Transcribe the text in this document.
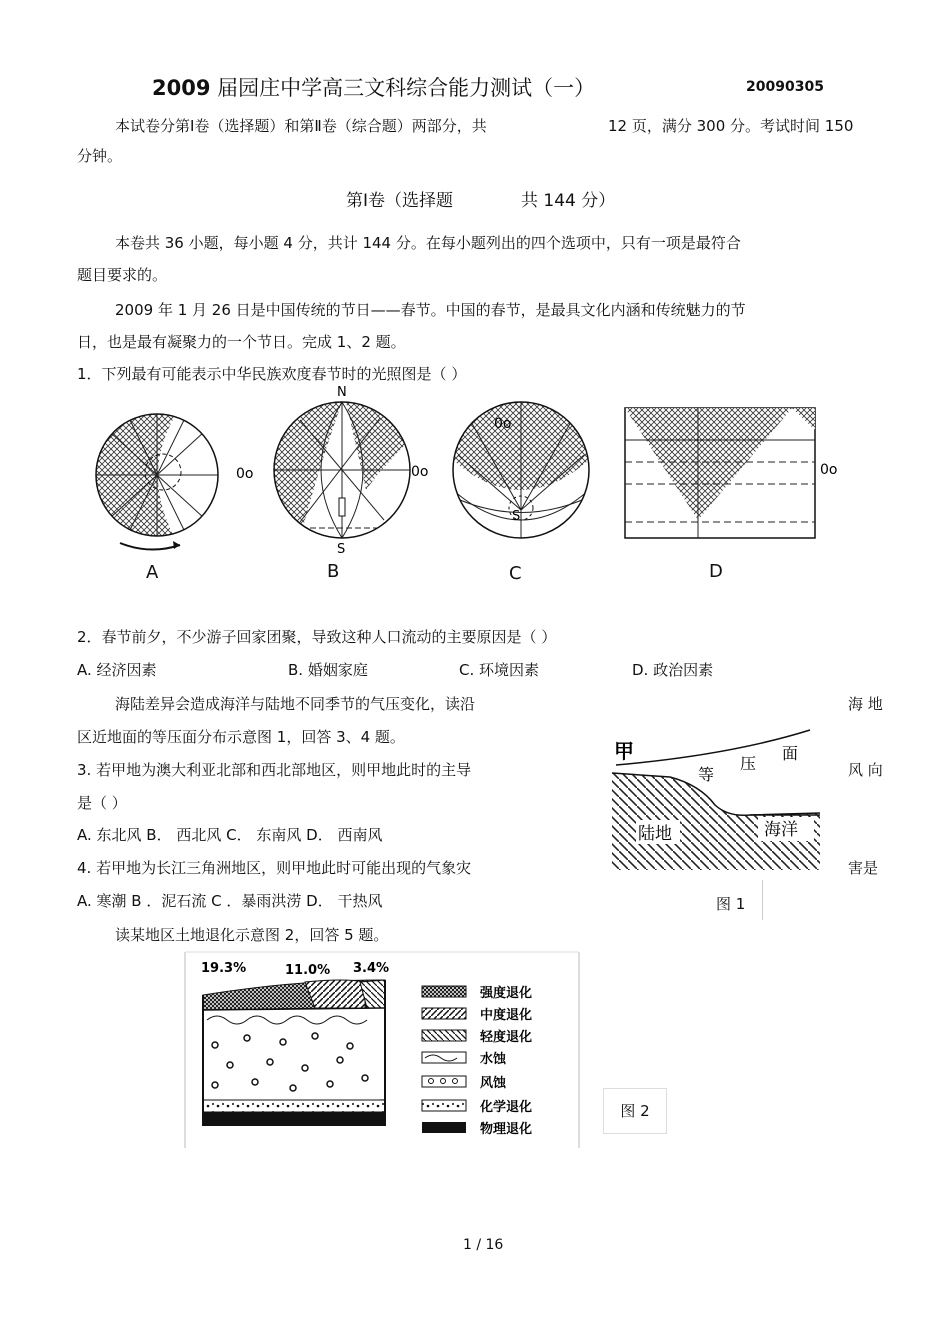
2009 届园庄中学高三文科综合能力测试（一）	20090305
本试卷分第Ⅰ卷（选择题）和第Ⅱ卷（综合题）两部分，共	12 页，满分 300 分。考试时间 150
分钟。
第Ⅰ卷（选择题	共 144 分）
本卷共 36 小题，每小题 4 分，共计 144 分。在每小题列出的四个选项中，只有一项是最符合
题目要求的。
2009 年 1 月 26 日是中国传统的节日——春节。中国的春节，是最具文化内涵和传统魅力的节
日，也是最有凝聚力的一个节日。完成 1、2 题。
1．下列最有可能表示中华民族欢度春节时的光照图是（ ）
0o
N
S
0o
0o
S
0o
A	B	C	D
2．春节前夕，不少游子回家团聚，导致这种人口流动的主要原因是（ ）
A. 经济因素	B. 婚姻家庭	C. 环境因素	D. 政治因素
海陆差异会造成海洋与陆地不同季节的气压变化，读沿	海 地
区近地面的等压面分布示意图 1，回答 3、4 题。
3. 若甲地为澳大利亚北部和西北部地区，则甲地此时的主导	风 向
是（ ）
A. 东北风 B． 西北风 C． 东南风 D． 西南风
4. 若甲地为长江三角洲地区，则甲地此时可能出现的气象灾	害是
A. 寒潮 B ．泥石流 C ．暴雨洪涝 D． 干热风
甲
等
压
面
陆地	海洋
图 1
读某地区土地退化示意图 2，回答 5 题。
19.3%	11.0% 3.4%
强度退化
中度退化
轻度退化
水蚀
风蚀
化学退化
物理退化
图 2
1 / 16
